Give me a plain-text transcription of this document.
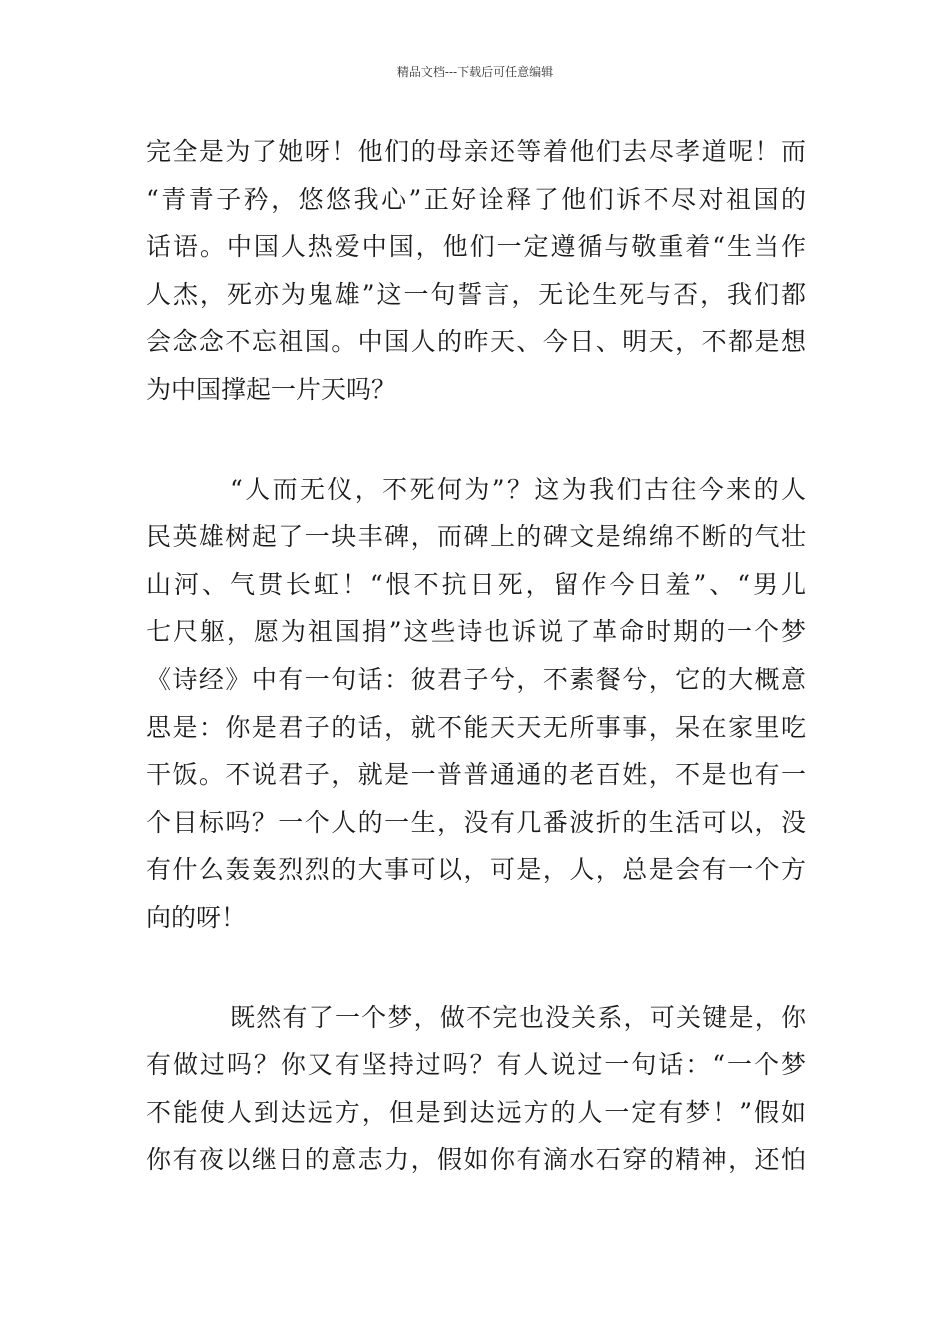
精品文档---下载后可任意编辑
完全是为了她呀！他们的母亲还等着他们去尽孝道呢！而
“青青子矜，悠悠我心”正好诠释了他们诉不尽对祖国的
话语。中国人热爱中国，他们一定遵循与敬重着“生当作
人杰，死亦为鬼雄”这一句誓言，无论生死与否，我们都
会念念不忘祖国。中国人的昨天、今日、明天，不都是想
为中国撑起一片天吗？
“人而无仪，不死何为”？这为我们古往今来的人
民英雄树起了一块丰碑，而碑上的碑文是绵绵不断的气壮
山河、气贯长虹！“恨不抗日死，留作今日羞”、“男儿
七尺躯，愿为祖国捐”这些诗也诉说了革命时期的一个梦
《诗经》中有一句话：彼君子兮，不素餐兮，它的大概意
思是：你是君子的话，就不能天天无所事事，呆在家里吃
干饭。不说君子，就是一普普通通的老百姓，不是也有一
个目标吗？一个人的一生，没有几番波折的生活可以，没
有什么轰轰烈烈的大事可以，可是，人，总是会有一个方
向的呀！
既然有了一个梦，做不完也没关系，可关键是，你
有做过吗？你又有坚持过吗？有人说过一句话：“一个梦
不能使人到达远方，但是到达远方的人一定有梦！”假如
你有夜以继日的意志力，假如你有滴水石穿的精神，还怕
